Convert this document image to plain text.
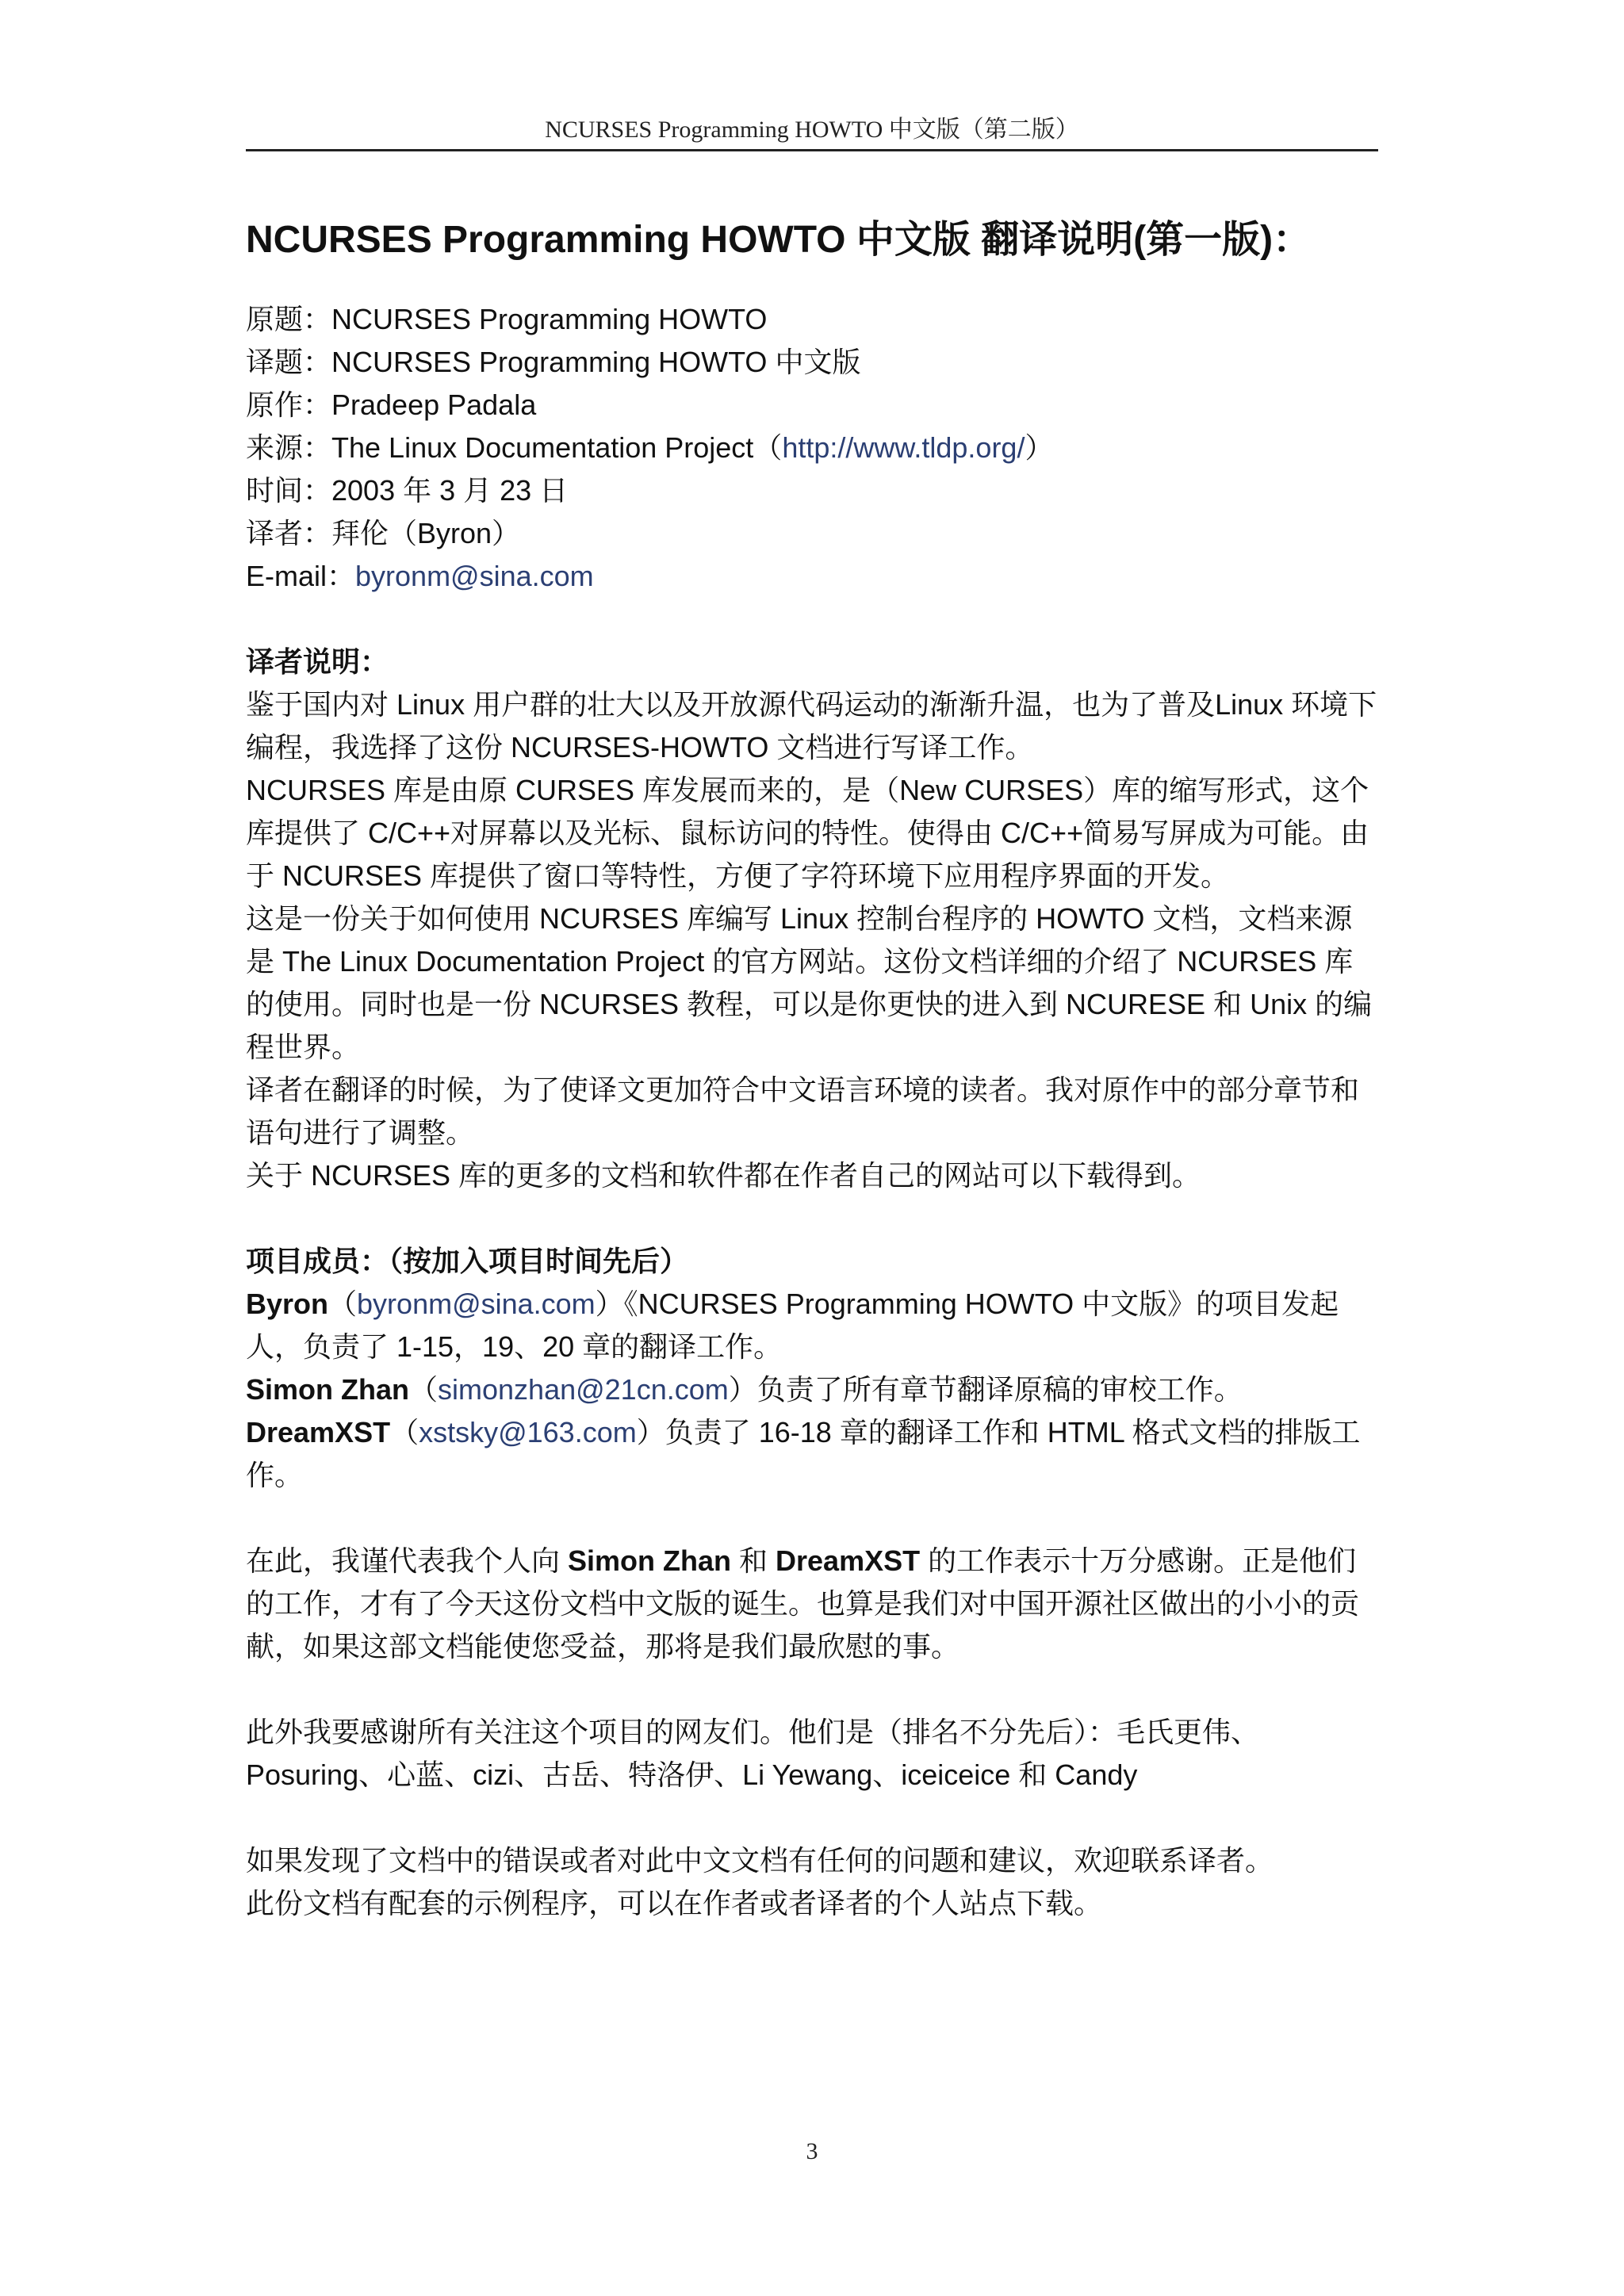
NCURSES Programming HOWTO 中文版（第二版）
NCURSES Programming HOWTO 中文版 翻译说明(第一版)：
原题：NCURSES Programming HOWTO
译题：NCURSES Programming HOWTO 中文版
原作：Pradeep Padala
来源：The Linux Documentation Project（http://www.tldp.org/）
时间：2003 年 3 月 23 日
译者：拜伦（Byron）
E-mail：byronm@sina.com
译者说明：

鉴于国内对 Linux 用户群的壮大以及开放源代码运动的渐渐升温，也为了普及Linux 环境下编程，我选择了这份 NCURSES-HOWTO 文档进行写译工作。

NCURSES 库是由原 CURSES 库发展而来的，是（New CURSES）库的缩写形式，这个库提供了 C/C++对屏幕以及光标、鼠标访问的特性。使得由 C/C++简易写屏成为可能。由于 NCURSES 库提供了窗口等特性，方便了字符环境下应用程序界面的开发。

这是一份关于如何使用 NCURSES 库编写 Linux 控制台程序的 HOWTO 文档，文档来源是 The Linux Documentation Project 的官方网站。这份文档详细的介绍了 NCURSES 库的使用。同时也是一份 NCURSES 教程，可以是你更快的进入到 NCURESE 和 Unix 的编程世界。

译者在翻译的时候，为了使译文更加符合中文语言环境的读者。我对原作中的部分章节和语句进行了调整。

关于 NCURSES 库的更多的文档和软件都在作者自己的网站可以下载得到。

项目成员：（按加入项目时间先后）

Byron（byronm@sina.com）《NCURSES Programming HOWTO 中文版》的项目发起人，负责了 1-15，19、20 章的翻译工作。

Simon Zhan（simonzhan@21cn.com）负责了所有章节翻译原稿的审校工作。

DreamXST（xstsky@163.com）负责了 16-18 章的翻译工作和 HTML 格式文档的排版工作。

在此，我谨代表我个人向 Simon Zhan 和 DreamXST 的工作表示十万分感谢。正是他们的工作，才有了今天这份文档中文版的诞生。也算是我们对中国开源社区做出的小小的贡献，如果这部文档能使您受益，那将是我们最欣慰的事。

此外我要感谢所有关注这个项目的网友们。他们是（排名不分先后）：毛氏更伟、Posuring、心蓝、cizi、古岳、特洛伊、Li Yewang、iceiceice 和 Candy

如果发现了文档中的错误或者对此中文文档有任何的问题和建议，欢迎联系译者。

此份文档有配套的示例程序，可以在作者或者译者的个人站点下载。

3
